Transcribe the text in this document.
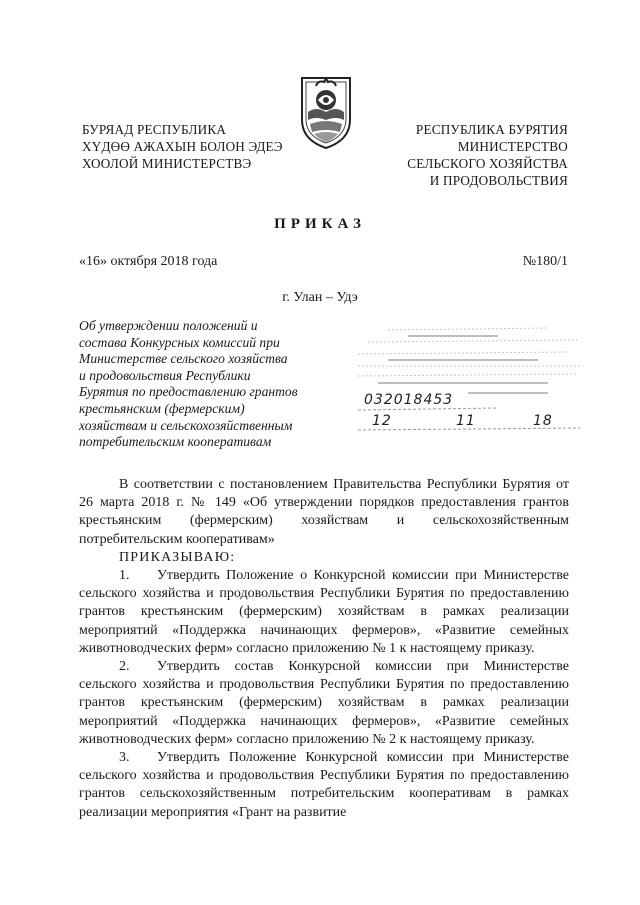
БУРЯАД РЕСПУБЛИКА
ХҮДӨӨ АЖАХЫН БОЛОН ЭДЕЭ
ХООЛОЙ МИНИСТЕРСТВЭ
РЕСПУБЛИКА БУРЯТИЯ
МИНИСТЕРСТВО
СЕЛЬСКОГО ХОЗЯЙСТВА
И ПРОДОВОЛЬСТВИЯ
ПРИКАЗ
«16» октября 2018 года	№180/1
г. Улан – Удэ
Об утверждении положений и
состава Конкурсных комиссий при
Министерстве сельского хозяйства
и продовольствия Республики
Бурятия по предоставлению грантов
крестьянским (фермерским)
хозяйствам и сельскохозяйственным
потребительским кооперативам
032018453
12	11	18

В соответствии с постановлением Правительства Республики Бурятия от 26 марта 2018 г. № 149 «Об утверждении порядков предоставления грантов крестьянским (фермерским) хозяйствам и сельскохозяйственным потребительским кооперативам»

ПРИКАЗЫВАЮ:

1. Утвердить Положение о Конкурсной комиссии при Министерстве сельского хозяйства и продовольствия Республики Бурятия по предоставлению грантов крестьянским (фермерским) хозяйствам в рамках реализации мероприятий «Поддержка начинающих фермеров», «Развитие семейных животноводческих ферм» согласно приложению № 1 к настоящему приказу.

2. Утвердить состав Конкурсной комиссии при Министерстве сельского хозяйства и продовольствия Республики Бурятия по предоставлению грантов крестьянским (фермерским) хозяйствам в рамках реализации мероприятий «Поддержка начинающих фермеров», «Развитие семейных животноводческих ферм» согласно приложению № 2 к настоящему приказу.

3. Утвердить Положение Конкурсной комиссии при Министерстве сельского хозяйства и продовольствия Республики Бурятия по предоставлению грантов сельскохозяйственным потребительским кооперативам в рамках реализации мероприятия «Грант на развитие
